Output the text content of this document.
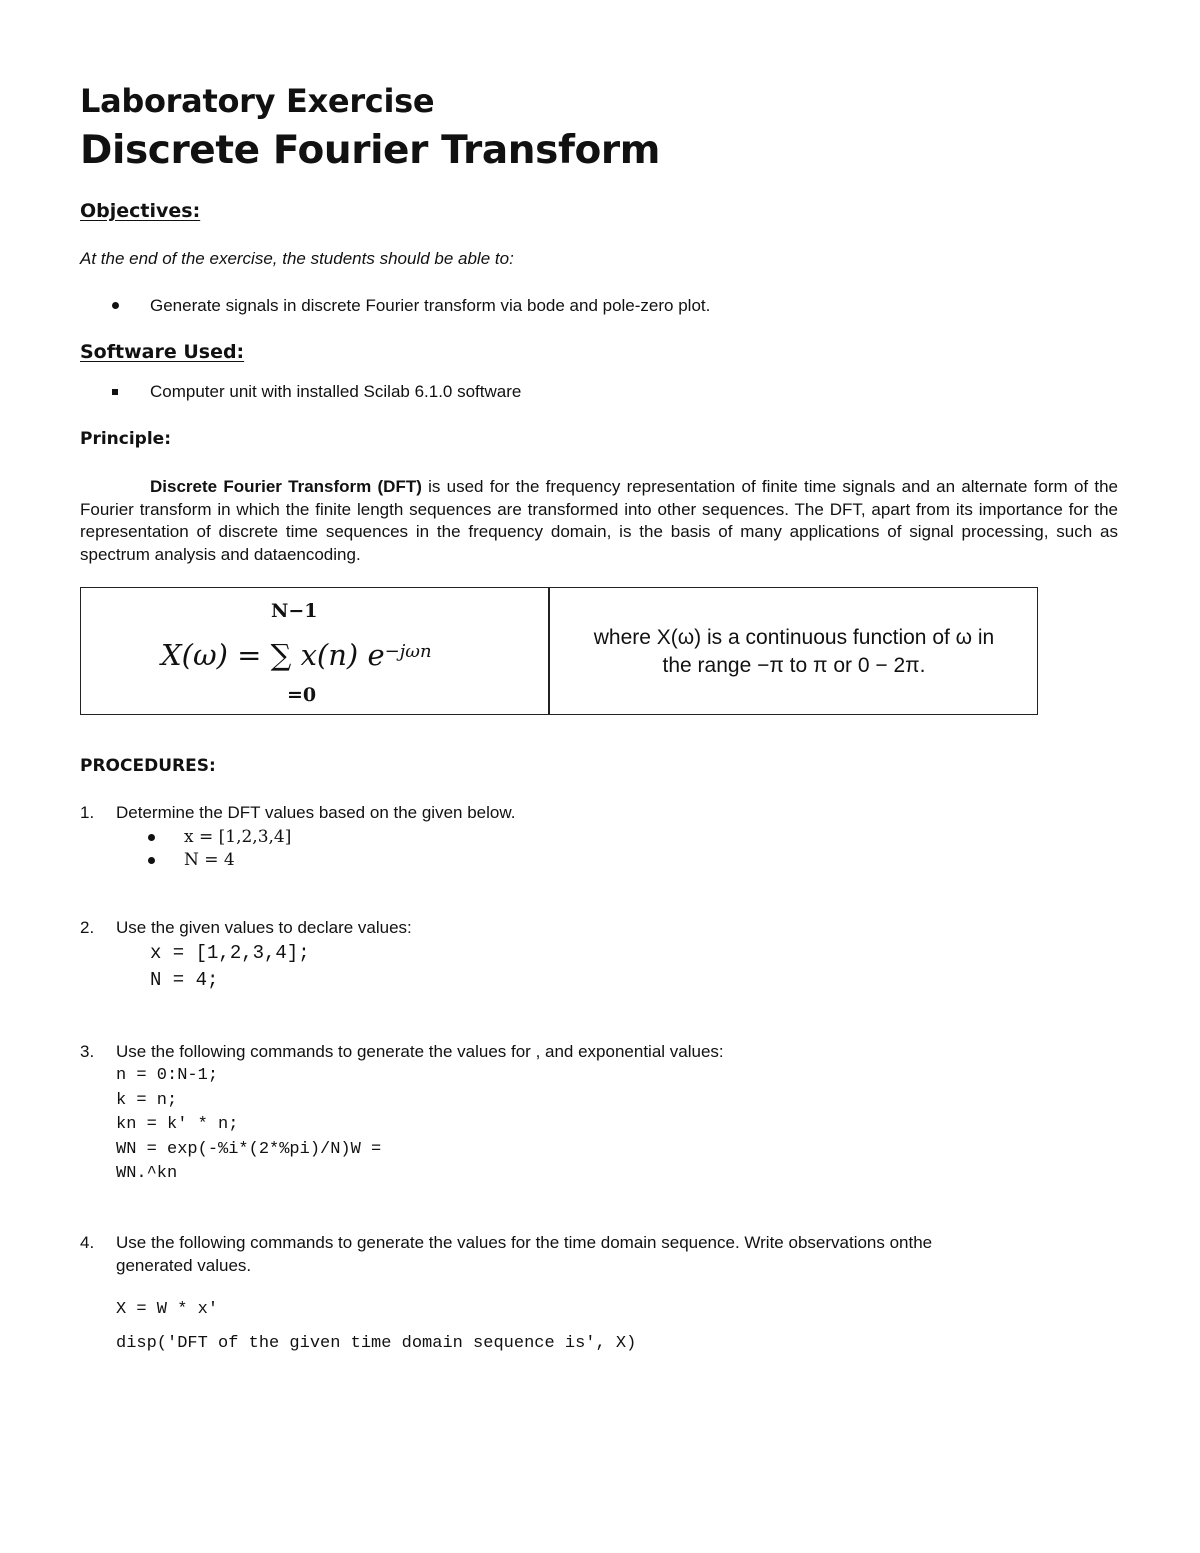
Laboratory Exercise
Discrete Fourier Transform
Objectives:
At the end of the exercise, the students should be able to:
Generate signals in discrete Fourier transform via bode and pole-zero plot.
Software Used:
Computer unit with installed Scilab 6.1.0 software
Principle:
Discrete Fourier Transform (DFT) is used for the frequency representation of finite time signals and an alternate form of the Fourier transform in which the finite length sequences are transformed into other sequences. The DFT, apart from its importance for the representation of discrete time sequences in the frequency domain, is the basis of many applications of signal processing, such as spectrum analysis and dataencoding.
N−1
X(ω) = ∑ x(n) $e^{-j\omega n}$
=0
where X(ω) is a continuous function of ω in
the range −π to π or 0 − 2π.
PROCEDURES:
1. Determine the DFT values based on the given below.
x = [1,2,3,4]
N = 4
2. Use the given values to declare values:
x = [1,2,3,4];
N = 4;
3. Use the following commands to generate the values for , and exponential values:
n = 0:N-1;
k = n;
kn = k' * n;
WN = exp(-%i*(2*%pi)/N)W =
WN.^kn
4. Use the following commands to generate the values for the time domain sequence. Write observations onthe
generated values.
X = W * x'
disp('DFT of the given time domain sequence is', X)
